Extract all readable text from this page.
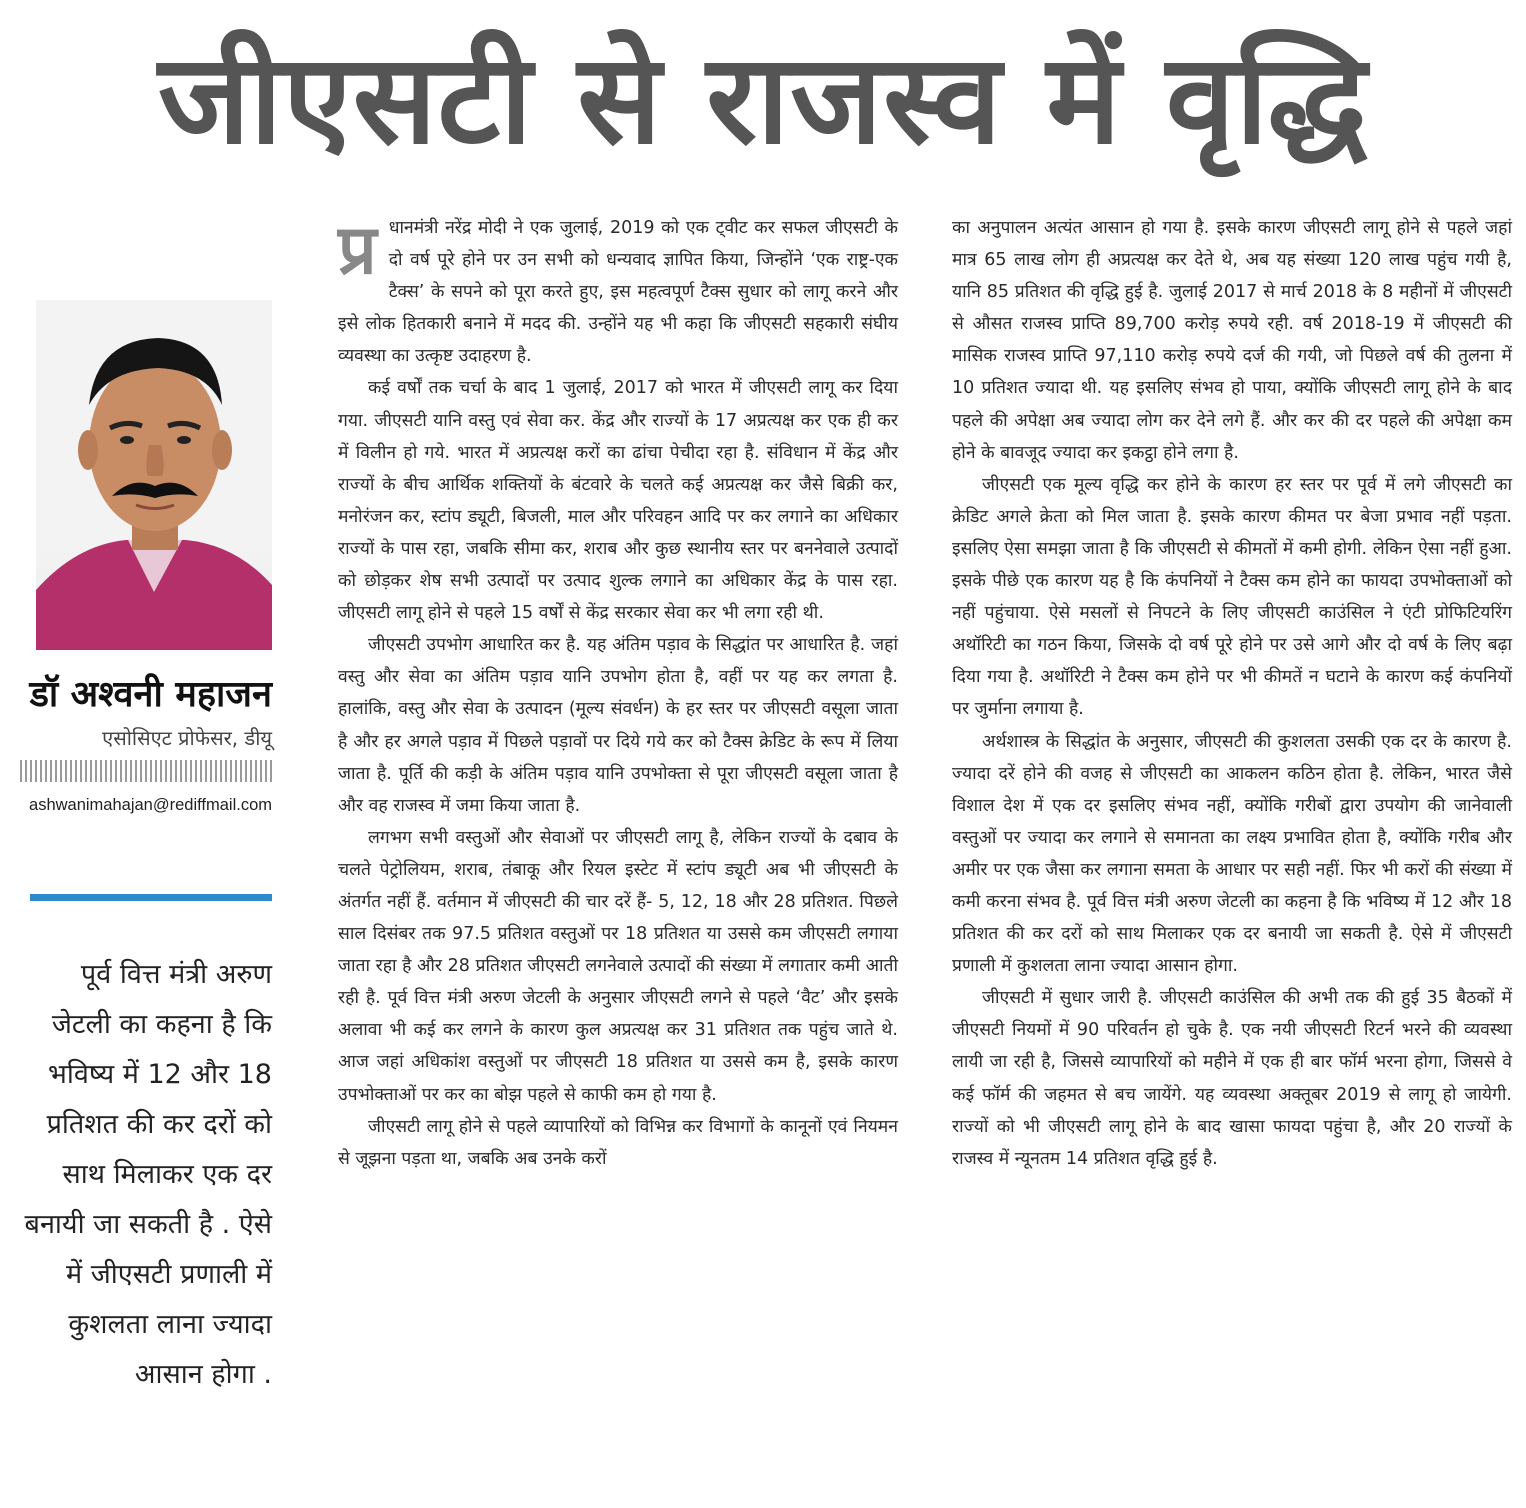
जीएसटी से राजस्व में वृद्धि
डॉ अश्वनी महाजन
एसोसिएट प्रोफेसर, डीयू
ashwanimahajan@rediffmail.com
पूर्व वित्त मंत्री अरुण जेटली का कहना है कि भविष्य में 12 और 18 प्रतिशत की कर दरों को साथ मिलाकर एक दर बनायी जा सकती है . ऐसे में जीएसटी प्रणाली में कुशलता लाना ज्यादा आसान होगा .
प्र धानमंत्री नरेंद्र मोदी ने एक जुलाई, 2019 को एक ट्वीट कर सफल जीएसटी के दो वर्ष पूरे होने पर उन सभी को धन्यवाद ज्ञापित किया, जिन्होंने ‘एक राष्ट्र-एक टैक्स’ के सपने को पूरा करते हुए, इस महत्वपूर्ण टैक्स सुधार को लागू करने और इसे लोक हितकारी बनाने में मदद की. उन्होंने यह भी कहा कि जीएसटी सहकारी संघीय व्यवस्था का उत्कृष्ट उदाहरण है.

कई वर्षों तक चर्चा के बाद 1 जुलाई, 2017 को भारत में जीएसटी लागू कर दिया गया. जीएसटी यानि वस्तु एवं सेवा कर. केंद्र और राज्यों के 17 अप्रत्यक्ष कर एक ही कर में विलीन हो गये. भारत में अप्रत्यक्ष करों का ढांचा पेचीदा रहा है. संविधान में केंद्र और राज्यों के बीच आर्थिक शक्तियों के बंटवारे के चलते कई अप्रत्यक्ष कर जैसे बिक्री कर, मनोरंजन कर, स्टांप ड्यूटी, बिजली, माल और परिवहन आदि पर कर लगाने का अधिकार राज्यों के पास रहा, जबकि सीमा कर, शराब और कुछ स्थानीय स्तर पर बननेवाले उत्पादों को छोड़कर शेष सभी उत्पादों पर उत्पाद शुल्क लगाने का अधिकार केंद्र के पास रहा. जीएसटी लागू होने से पहले 15 वर्षों से केंद्र सरकार सेवा कर भी लगा रही थी.

जीएसटी उपभोग आधारित कर है. यह अंतिम पड़ाव के सिद्धांत पर आधारित है. जहां वस्तु और सेवा का अंतिम पड़ाव यानि उपभोग होता है, वहीं पर यह कर लगता है. हालांकि, वस्तु और सेवा के उत्पादन (मूल्य संवर्धन) के हर स्तर पर जीएसटी वसूला जाता है और हर अगले पड़ाव में पिछले पड़ावों पर दिये गये कर को टैक्स क्रेडिट के रूप में लिया जाता है. पूर्ति की कड़ी के अंतिम पड़ाव यानि उपभोक्ता से पूरा जीएसटी वसूला जाता है और वह राजस्व में जमा किया जाता है.

लगभग सभी वस्तुओं और सेवाओं पर जीएसटी लागू है, लेकिन राज्यों के दबाव के चलते पेट्रोलियम, शराब, तंबाकू और रियल इस्टेट में स्टांप ड्यूटी अब भी जीएसटी के अंतर्गत नहीं हैं. वर्तमान में जीएसटी की चार दरें हैं- 5, 12, 18 और 28 प्रतिशत. पिछले साल दिसंबर तक 97.5 प्रतिशत वस्तुओं पर 18 प्रतिशत या उससे कम जीएसटी लगाया जाता रहा है और 28 प्रतिशत जीएसटी लगनेवाले उत्पादों की संख्या में लगातार कमी आती रही है. पूर्व वित्त मंत्री अरुण जेटली के अनुसार जीएसटी लगने से पहले ‘वैट’ और इसके अलावा भी कई कर लगने के कारण कुल अप्रत्यक्ष कर 31 प्रतिशत तक पहुंच जाते थे. आज जहां अधिकांश वस्तुओं पर जीएसटी 18 प्रतिशत या उससे कम है, इसके कारण उपभोक्ताओं पर कर का बोझ पहले से काफी कम हो गया है.

जीएसटी लागू होने से पहले व्यापारियों को विभिन्न कर विभागों के कानूनों एवं नियमन से जूझना पड़ता था, जबकि अब उनके करों

का अनुपालन अत्यंत आसान हो गया है. इसके कारण जीएसटी लागू होने से पहले जहां मात्र 65 लाख लोग ही अप्रत्यक्ष कर देते थे, अब यह संख्या 120 लाख पहुंच गयी है, यानि 85 प्रतिशत की वृद्धि हुई है. जुलाई 2017 से मार्च 2018 के 8 महीनों में जीएसटी से औसत राजस्व प्राप्ति 89,700 करोड़ रुपये रही. वर्ष 2018-19 में जीएसटी की मासिक राजस्व प्राप्ति 97,110 करोड़ रुपये दर्ज की गयी, जो पिछले वर्ष की तुलना में 10 प्रतिशत ज्यादा थी. यह इसलिए संभव हो पाया, क्योंकि जीएसटी लागू होने के बाद पहले की अपेक्षा अब ज्यादा लोग कर देने लगे हैं. और कर की दर पहले की अपेक्षा कम होने के बावजूद ज्यादा कर इकट्ठा होने लगा है.

जीएसटी एक मूल्य वृद्धि कर होने के कारण हर स्तर पर पूर्व में लगे जीएसटी का क्रेडिट अगले क्रेता को मिल जाता है. इसके कारण कीमत पर बेजा प्रभाव नहीं पड़ता. इसलिए ऐसा समझा जाता है कि जीएसटी से कीमतों में कमी होगी. लेकिन ऐसा नहीं हुआ. इसके पीछे एक कारण यह है कि कंपनियों ने टैक्स कम होने का फायदा उपभोक्ताओं को नहीं पहुंचाया. ऐसे मसलों से निपटने के लिए जीएसटी काउंसिल ने एंटी प्रोफिटियरिंग अथॉरिटी का गठन किया, जिसके दो वर्ष पूरे होने पर उसे आगे और दो वर्ष के लिए बढ़ा दिया गया है. अथॉरिटी ने टैक्स कम होने पर भी कीमतें न घटाने के कारण कई कंपनियों पर जुर्माना लगाया है.

अर्थशास्त्र के सिद्धांत के अनुसार, जीएसटी की कुशलता उसकी एक दर के कारण है. ज्यादा दरें होने की वजह से जीएसटी का आकलन कठिन होता है. लेकिन, भारत जैसे विशाल देश में एक दर इसलिए संभव नहीं, क्योंकि गरीबों द्वारा उपयोग की जानेवाली वस्तुओं पर ज्यादा कर लगाने से समानता का लक्ष्य प्रभावित होता है, क्योंकि गरीब और अमीर पर एक जैसा कर लगाना समता के आधार पर सही नहीं. फिर भी करों की संख्या में कमी करना संभव है. पूर्व वित्त मंत्री अरुण जेटली का कहना है कि भविष्य में 12 और 18 प्रतिशत की कर दरों को साथ मिलाकर एक दर बनायी जा सकती है. ऐसे में जीएसटी प्रणाली में कुशलता लाना ज्यादा आसान होगा.

जीएसटी में सुधार जारी है. जीएसटी काउंसिल की अभी तक की हुई 35 बैठकों में जीएसटी नियमों में 90 परिवर्तन हो चुके है. एक नयी जीएसटी रिटर्न भरने की व्यवस्था लायी जा रही है, जिससे व्यापारियों को महीने में एक ही बार फॉर्म भरना होगा, जिससे वे कई फॉर्म की जहमत से बच जायेंगे. यह व्यवस्था अक्तूबर 2019 से लागू हो जायेगी. राज्यों को भी जीएसटी लागू होने के बाद खासा फायदा पहुंचा है, और 20 राज्यों के राजस्व में न्यूनतम 14 प्रतिशत वृद्धि हुई है.
